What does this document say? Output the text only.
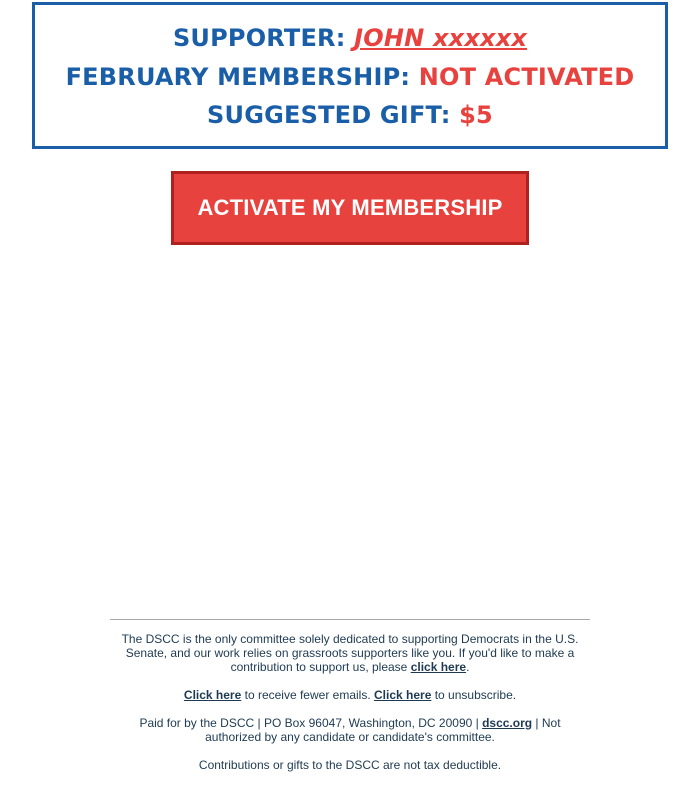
SUPPORTER: JOHN xxxxxx
FEBRUARY MEMBERSHIP: NOT ACTIVATED
SUGGESTED GIFT: $5
ACTIVATE MY MEMBERSHIP

The DSCC is the only committee solely dedicated to supporting Democrats in the U.S. Senate, and our work relies on grassroots supporters like you. If you'd like to make a contribution to support us, please click here.

Click here to receive fewer emails. Click here to unsubscribe.

Paid for by the DSCC | PO Box 96047, Washington, DC 20090 | dscc.org | Not authorized by any candidate or candidate's committee.

Contributions or gifts to the DSCC are not tax deductible.
